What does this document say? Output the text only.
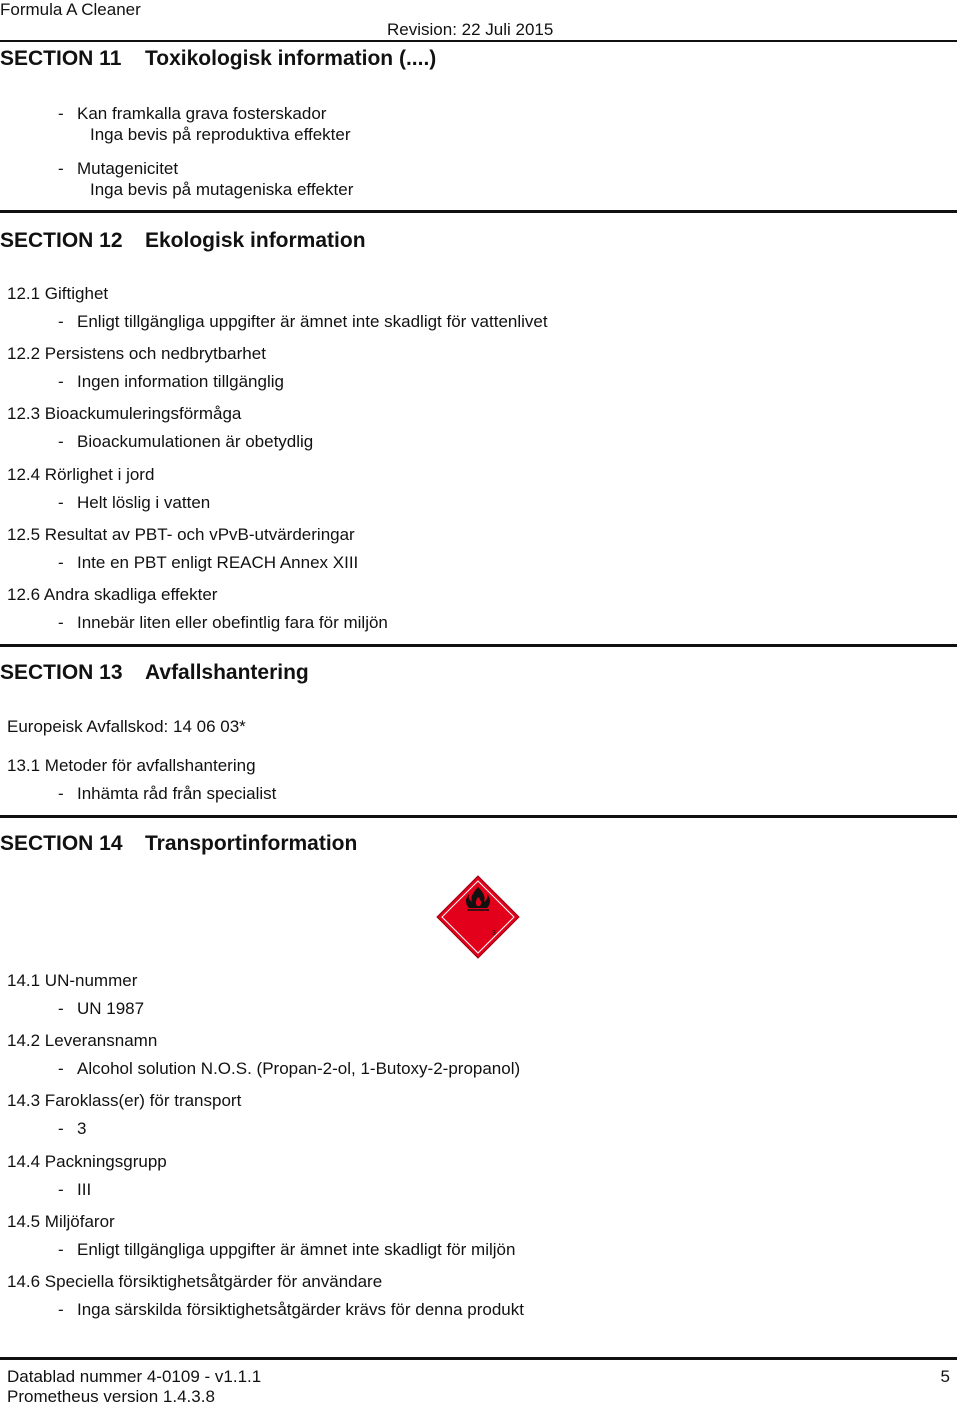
Formula A Cleaner
Revision: 22 Juli 2015
SECTION 11 Toxikologisk information (....)
- Kan framkalla grava fosterskador
Inga bevis på reproduktiva effekter
- Mutagenicitet
Inga bevis på mutageniska effekter
SECTION 12 Ekologisk information
12.1 Giftighet
- Enligt tillgängliga uppgifter är ämnet inte skadligt för vattenlivet
12.2 Persistens och nedbrytbarhet
- Ingen information tillgänglig
12.3 Bioackumuleringsförmåga
- Bioackumulationen är obetydlig
12.4 Rörlighet i jord
- Helt löslig i vatten
12.5 Resultat av PBT- och vPvB-utvärderingar
- Inte en PBT enligt REACH Annex XIII
12.6 Andra skadliga effekter
- Innebär liten eller obefintlig fara för miljön
SECTION 13 Avfallshantering
Europeisk Avfallskod: 14 06 03*
13.1 Metoder för avfallshantering
- Inhämta råd från specialist
SECTION 14 Transportinformation
3
14.1 UN-nummer
- UN 1987
14.2 Leveransnamn
- Alcohol solution N.O.S. (Propan-2-ol, 1-Butoxy-2-propanol)
14.3 Faroklass(er) för transport
- 3
14.4 Packningsgrupp
- III
14.5 Miljöfaror
- Enligt tillgängliga uppgifter är ämnet inte skadligt för miljön
14.6 Speciella försiktighetsåtgärder för användare
- Inga särskilda försiktighetsåtgärder krävs för denna produkt
Datablad nummer 4-0109 - v1.1.1
Prometheus version 1.4.3.8
5
